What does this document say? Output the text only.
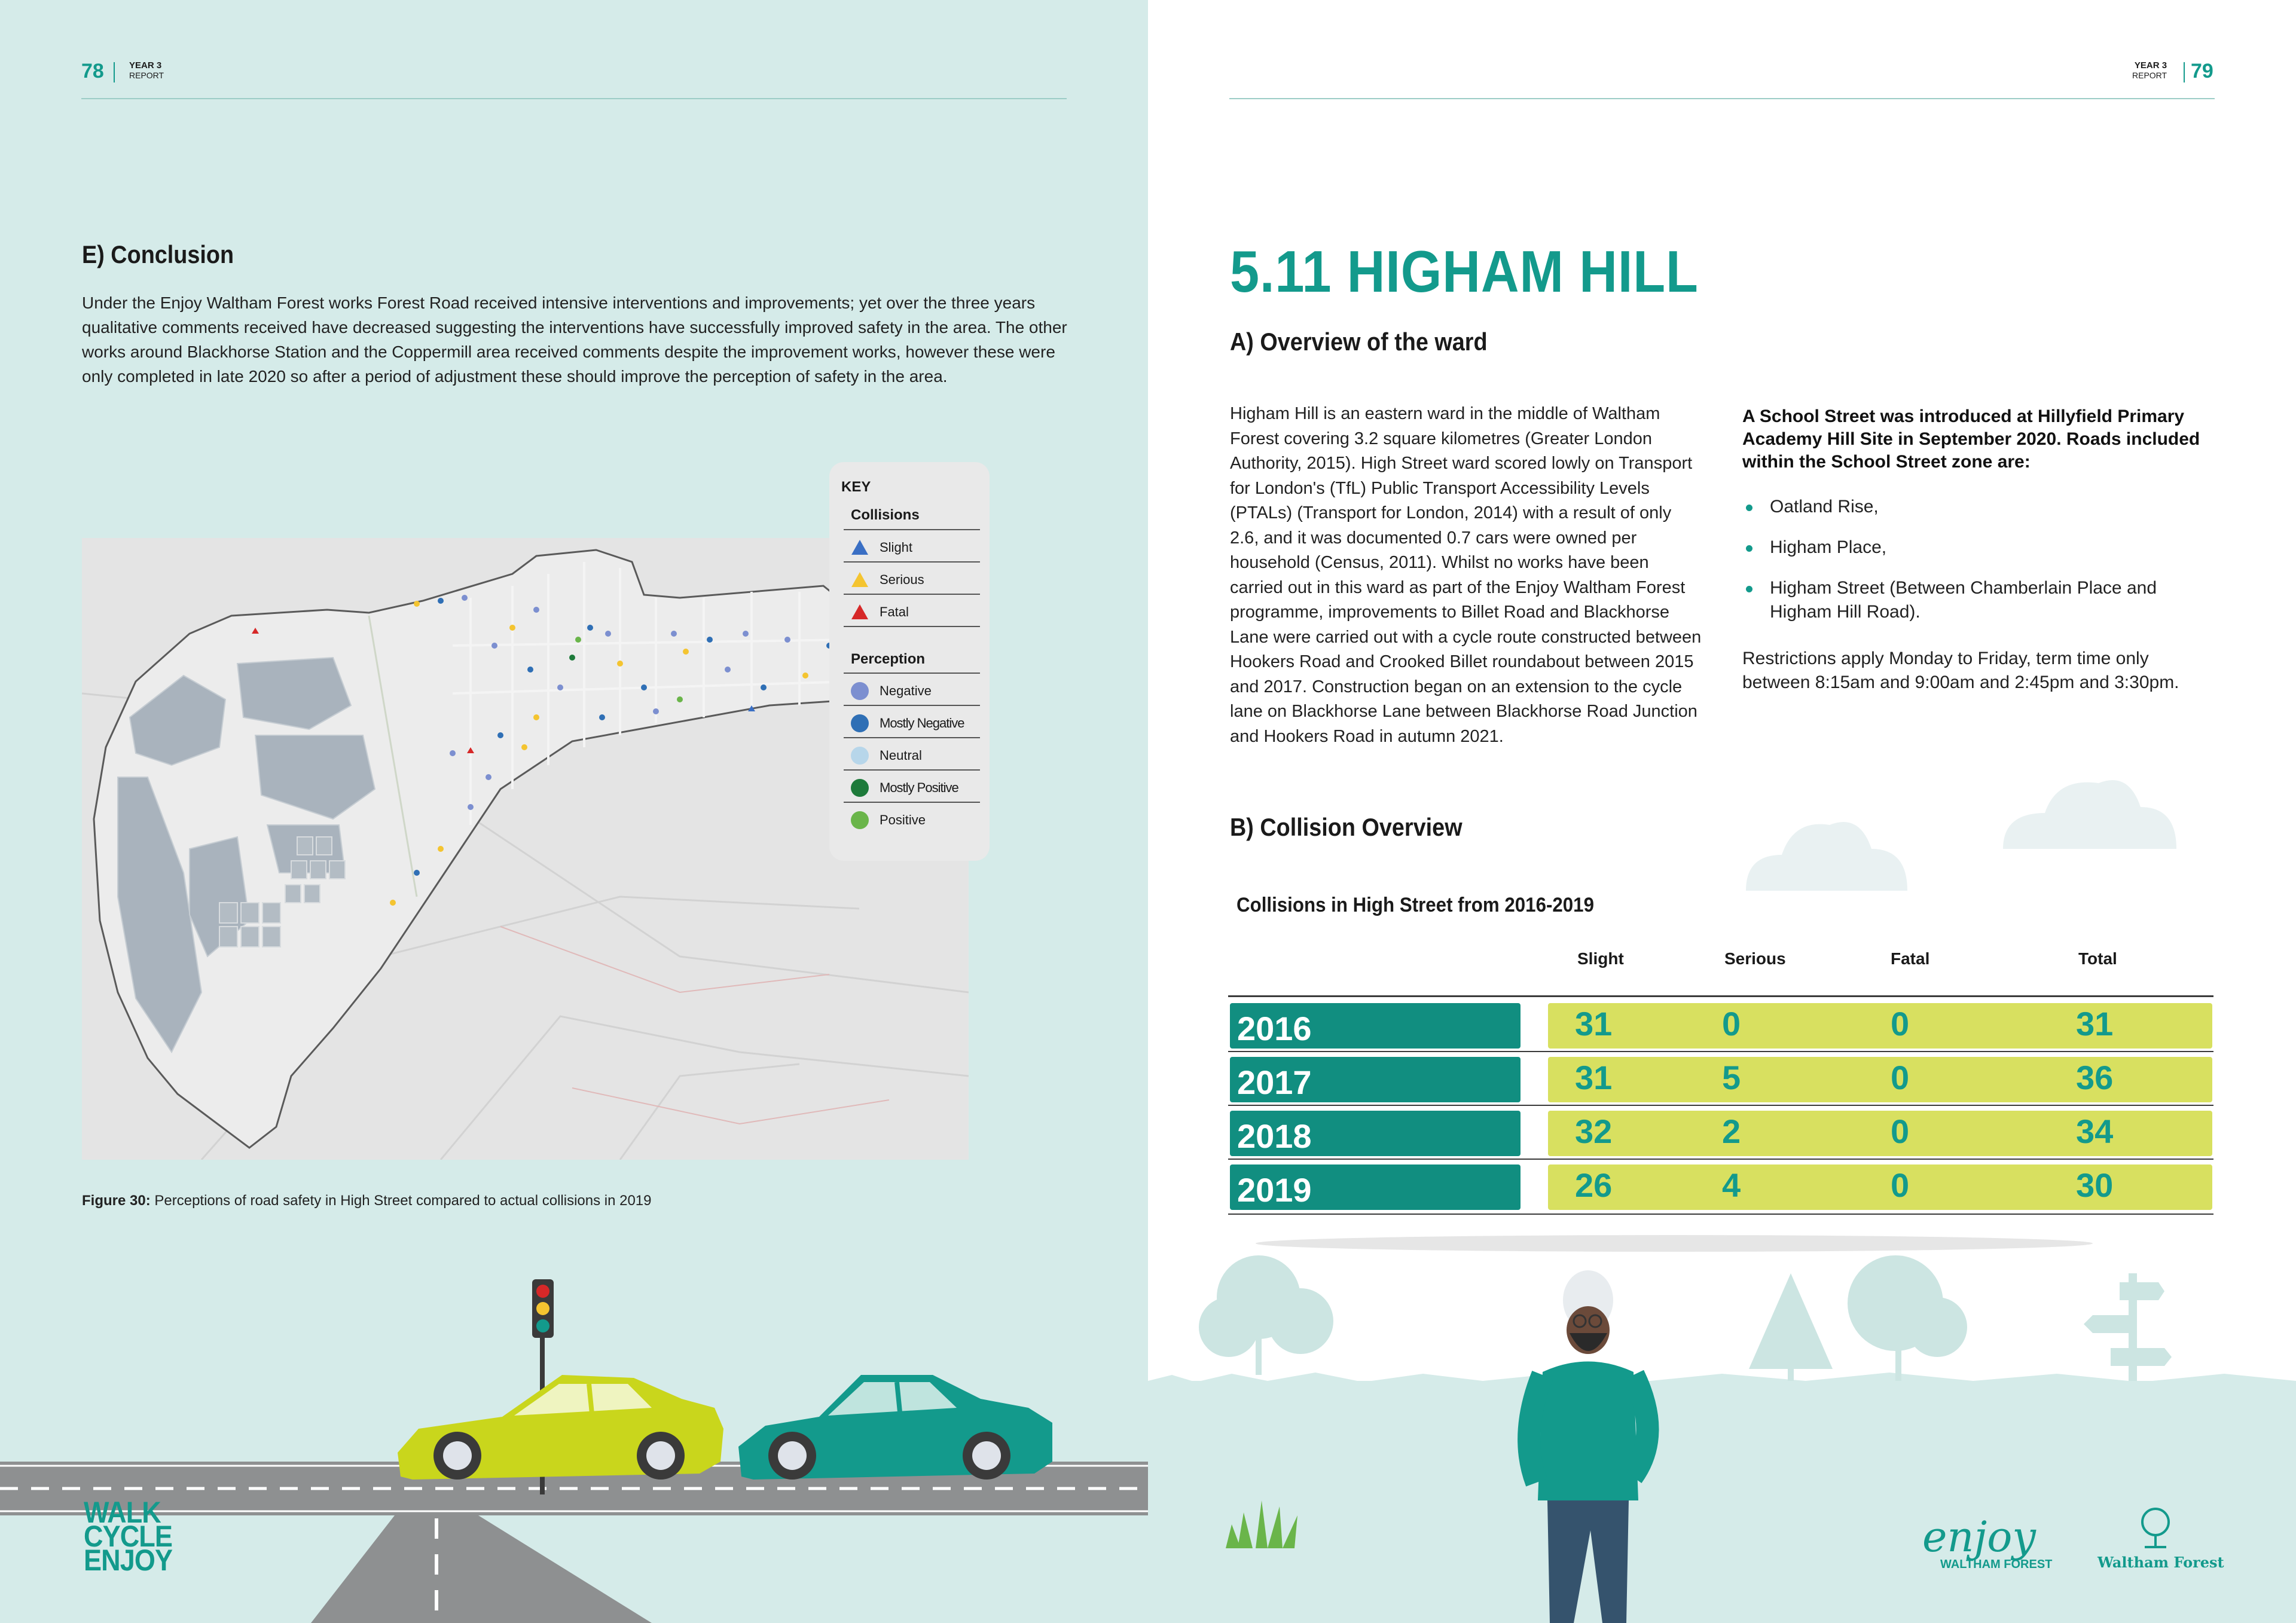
78	YEAR 3
REPORT
E) Conclusion

Under the Enjoy Waltham Forest works Forest Road received intensive interventions and improvements; yet over the three years qualitative comments received have decreased suggesting the interventions have successfully improved safety in the area. The other works around Blackhorse Station and the Coppermill area received comments despite the improvement works, however these were only completed in late 2020 so after a period of adjustment these should improve the perception of safety in the area.

KEY
Collisions
Slight
Serious
Fatal
Perception
Negative
Mostly Negative
Neutral
Mostly Positive
Positive

Figure 30: Perceptions of road safety in High Street compared to actual collisions in 2019

WALK
CYCLE
ENJOY
YEAR 3
REPORT 79
5.11 HIGHAM HILL
A) Overview of the ward

Higham Hill is an eastern ward in the middle of Waltham Forest covering 3.2 square kilometres (Greater London Authority, 2015). High Street ward scored lowly on Transport for London's (TfL) Public Transport Accessibility Levels (PTALs) (Transport for London, 2014) with a result of only 2.6, and it was documented 0.7 cars were owned per household (Census, 2011). Whilst no works have been carried out in this ward as part of the Enjoy Waltham Forest programme, improvements to Billet Road and Blackhorse Lane were carried out with a cycle route constructed between Hookers Road and Crooked Billet roundabout between 2015 and 2017. Construction began on an extension to the cycle lane on Blackhorse Lane between Blackhorse Road Junction and Hookers Road in autumn 2021.

A School Street was introduced at Hillyfield Primary Academy Hill Site in September 2020. Roads included within the School Street zone are:

Oatland Rise,
Higham Place,
Higham Street (Between Chamberlain Place and Higham Hill Road).

Restrictions apply Monday to Friday, term time only between 8:15am and 9:00am and 2:45pm and 3:30pm.

B) Collision Overview
Collisions in High Street from 2016-2019
Slight	Serious	Fatal	Total
2016	31	0	0	31
2017	31	5	0	36
2018	32	2	0	34
2019	26	4	0	30
enjoy
WALTHAM FOREST	Waltham Forest
